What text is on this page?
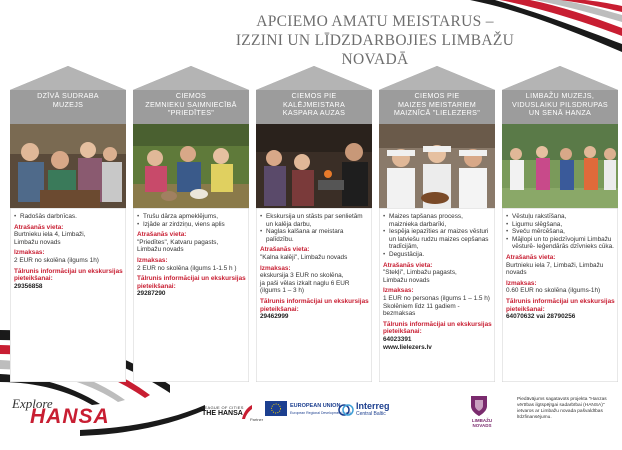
APCIEMO AMATU MEISTARUS –
IZZINI UN LĪDZDARBOJIES LIMBAŽU NOVADĀ
DZĪVĀ SUDRABA
MUZEJS
• Radošās darbnīcas.
Atrašanās vieta:
Burtnieku iela 4, Limbaži,
Limbažu novads
Izmaksas:
2 EUR no skolēna (ilgums 1h)
Tālrunis informācijai un ekskursijas
pieteikšanai:
29356858
CIEMOS
ZEMNIEKU SAIMNIECĪBĀ
"PRIEDĪTES"
• Trušu dārza apmeklējums,
• Izjāde ar zirdziņu, viens aplis
Atrašanās vieta:
"Priedītes", Katvaru pagasts,
Limbažu novads
Izmaksas:
2 EUR no skolēna (ilgums 1-1.5 h )
Tālrunis informācijai un ekskursijas
pieteikšanai:
29287290
CIEMOS PIE
KALĒJMEISTARA
KASPARA AUZAS
• Ekskursija un stāsts par senlietām un kalēja darbu,
• Naglas kalšana ar meistara palīdzību.
Atrašanās vieta:
"Kalna kalēji", Limbažu novads
Izmaksas:
ekskursija 3 EUR no skolēna,
ja paši vēlas izkalt naglu 6 EUR
(ilgums 1 – 3 h)
Tālrunis informācijai un ekskursijas
pieteikšanai:
29462999
CIEMOS PIE
MAIZES MEISTARIEM
MAIZNĪCĀ "LIELEZERS"
• Maizes tapšanas process, maiznieka darbarīki,
• Iespēja iepazīties ar maizes vēsturi un latviešu rudzu maizes cepšanas tradīcijām,
• Degustācija.
Atrašanās vieta:
"Stekļi", Limbažu pagasts,
Limbažu novads
Izmaksas:
1 EUR no personas (ilgums 1 – 1.5 h)
Skolēniem līdz 11 gadiem - bezmaksas
Tālrunis informācijai un ekskursijas
pieteikšanai:
64023391
www.lielezers.lv
LIMBAŽU MUZEJS,
VIDUSLAIKU PILSDRUPAS
UN SENĀ HANZA
• Vēstuļu rakstīšana,
• Ligumu slēgšana,
• Sveču mērcēšana,
• Mājlopi un to piedzīvojumi Limbažu vēsturē- leģendārās dzīvnieks cūka.
Atrašanās vieta:
Burtnieku iela 7, Limbaži, Limbažu
novads
Izmaksas:
0.60 EUR no skolēna (ilgums-1h)
Tālrunis informācijai un ekskursijas
pieteikšanai:
64070632 vai 28790256
Explore
HANSA	LEAGUE OF CITIES
THE HANSA
Partner
EUROPEAN UNION
European Regional Development Fund
Interreg
Central Baltic
LIMBAŽU
NOVADS
Piedāvājums sagatavots projekta "Hanzas vērtības ilgtspējīgai sadarbībai (HANSA)" ietvaros ar Limbažu novada pašvaldības līdzfinansējumu.
